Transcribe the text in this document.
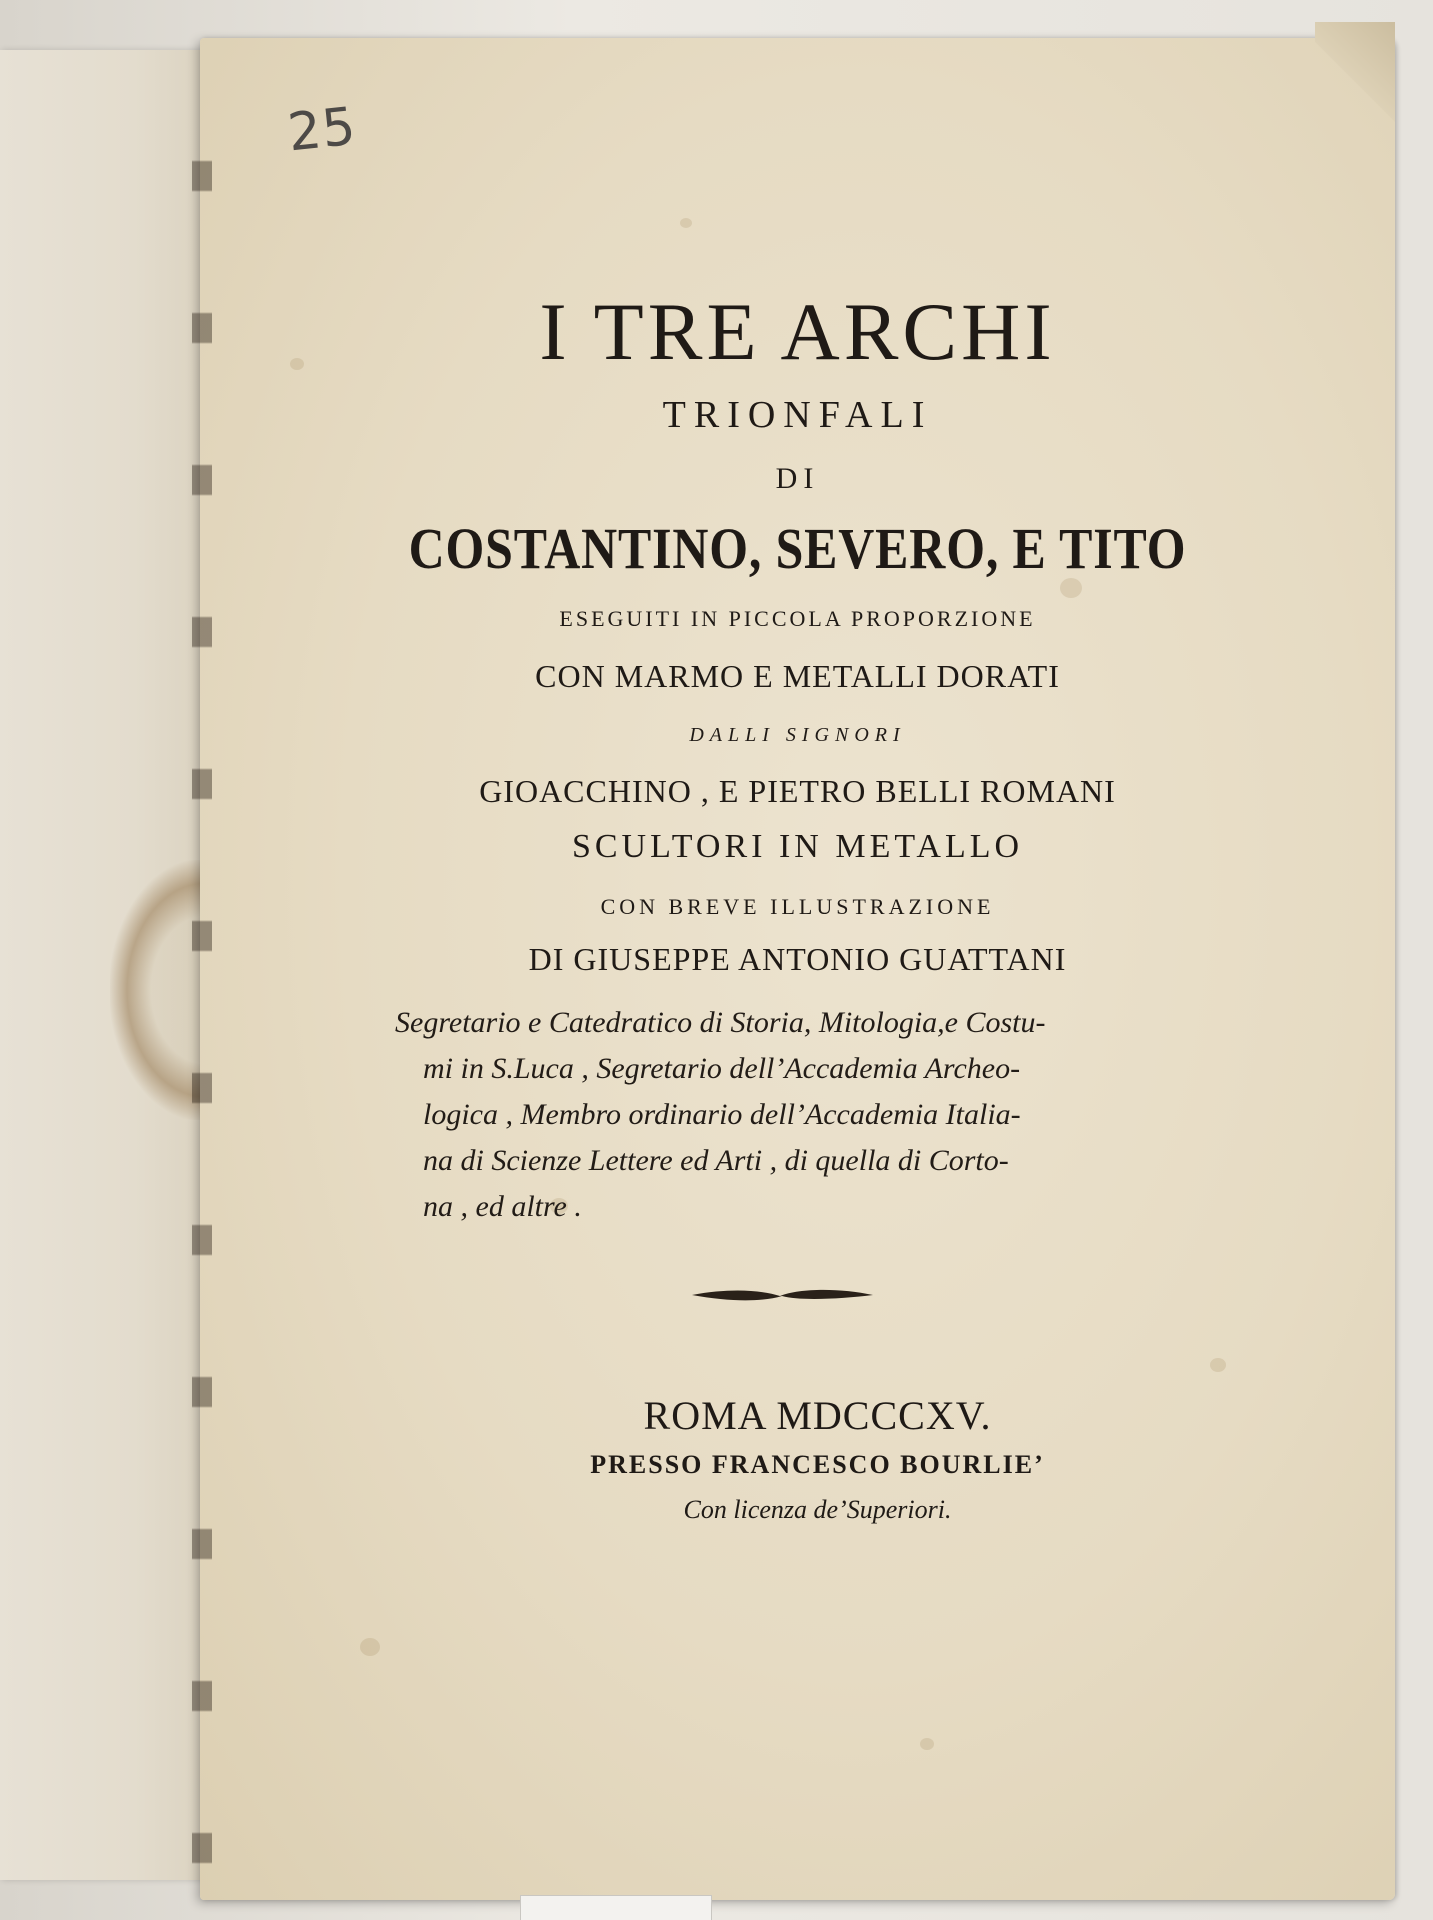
25
I TRE ARCHI
TRIONFALI
DI
COSTANTINO, SEVERO, E TITO
ESEGUITI IN PICCOLA PROPORZIONE
CON MARMO E METALLI DORATI
DALLI SIGNORI
GIOACCHINO , E PIETRO BELLI ROMANI
SCULTORI IN METALLO
CON BREVE ILLUSTRAZIONE
DI GIUSEPPE ANTONIO GUATTANI
Segretario e Catedratico di Storia, Mitologia,e Costu-
mi in S.Luca , Segretario dell’Accademia Archeo-
logica , Membro ordinario dell’Accademia Italia-
na di Scienze Lettere ed Arti , di quella di Corto-
na , ed altre .
ROMA MDCCCXV.
PRESSO FRANCESCO BOURLIE’
Con licenza de’Superiori.
